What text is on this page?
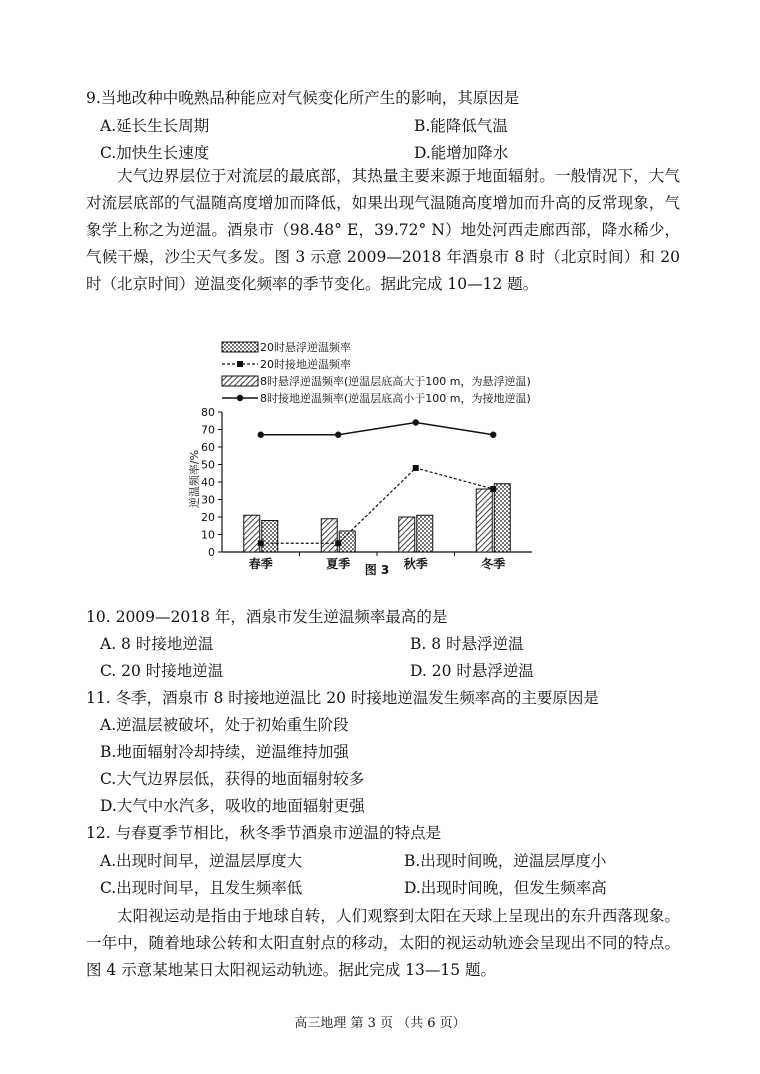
9.当地改种中晚熟品种能应对气候变化所产生的影响，其原因是
A.延长生长周期	B.能降低气温
C.加快生长速度	D.能增加降水
大气边界层位于对流层的最底部，其热量主要来源于地面辐射。一般情况下，大气对流层底部的气温随高度增加而降低，如果出现气温随高度增加而升高的反常现象，气象学上称之为逆温。酒泉市（98.48° E，39.72° N）地处河西走廊西部，降水稀少，气候干燥，沙尘天气多发。图 3 示意 2009—2018 年酒泉市 8 时（北京时间）和 20 时（北京时间）逆温变化频率的季节变化。据此完成 10—12 题。
20时悬浮逆温频率
20时接地逆温频率
8时悬浮逆温频率(逆温层底高大于100 m，为悬浮逆温)
8时接地逆温频率(逆温层底高小于100 m，为接地逆温)
逆温频率/%
0
10
20
30
40
50
60
70
80
春季	夏季	秋季	冬季
图 3
10. 2009—2018 年，酒泉市发生逆温频率最高的是
A. 8 时接地逆温	B. 8 时悬浮逆温
C. 20 时接地逆温	D. 20 时悬浮逆温
11. 冬季，酒泉市 8 时接地逆温比 20 时接地逆温发生频率高的主要原因是
A.逆温层被破坏，处于初始重生阶段
B.地面辐射冷却持续，逆温维持加强
C.大气边界层低，获得的地面辐射较多
D.大气中水汽多，吸收的地面辐射更强
12. 与春夏季节相比，秋冬季节酒泉市逆温的特点是
A.出现时间早，逆温层厚度大	B.出现时间晚，逆温层厚度小
C.出现时间早，且发生频率低	D.出现时间晚，但发生频率高
太阳视运动是指由于地球自转，人们观察到太阳在天球上呈现出的东升西落现象。一年中，随着地球公转和太阳直射点的移动，太阳的视运动轨迹会呈现出不同的特点。图 4 示意某地某日太阳视运动轨迹。据此完成 13—15 题。
高三地理 第 3 页 （共 6 页）
